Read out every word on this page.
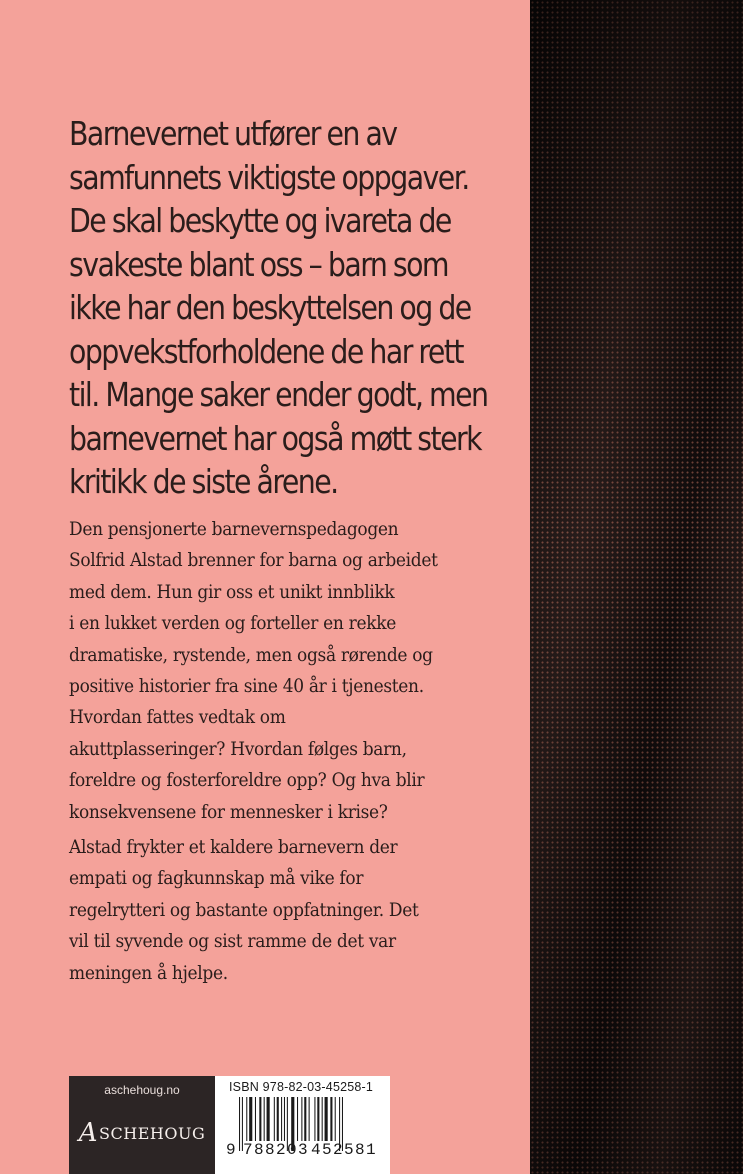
Barnevernet utfører en av
samfunnets viktigste oppgaver.
De skal beskytte og ivareta de
svakeste blant oss – barn som
ikke har den beskyttelsen og de
oppvekstforholdene de har rett
til. Mange saker ender godt, men
barnevernet har også møtt sterk
kritikk de siste årene.

Den pensjonerte barnevernspedagogen
Solfrid Alstad brenner for barna og arbeidet
med dem. Hun gir oss et unikt innblikk
i en lukket verden og forteller en rekke
dramatiske, rystende, men også rørende og
positive historier fra sine 40 år i tjenesten.
Hvordan fattes vedtak om
akuttplasseringer? Hvordan følges barn,
foreldre og fosterforeldre opp? Og hva blir
konsekvensene for mennesker i krise?

Alstad frykter et kaldere barnevern der
empati og fagkunnskap må vike for
regelrytteri og bastante oppfatninger. Det
vil til syvende og sist ramme de det var
meningen å hjelpe.

aschehoug.no
ASCHEHOUG
ISBN 978-82-03-45258-1
9 788203 452581
